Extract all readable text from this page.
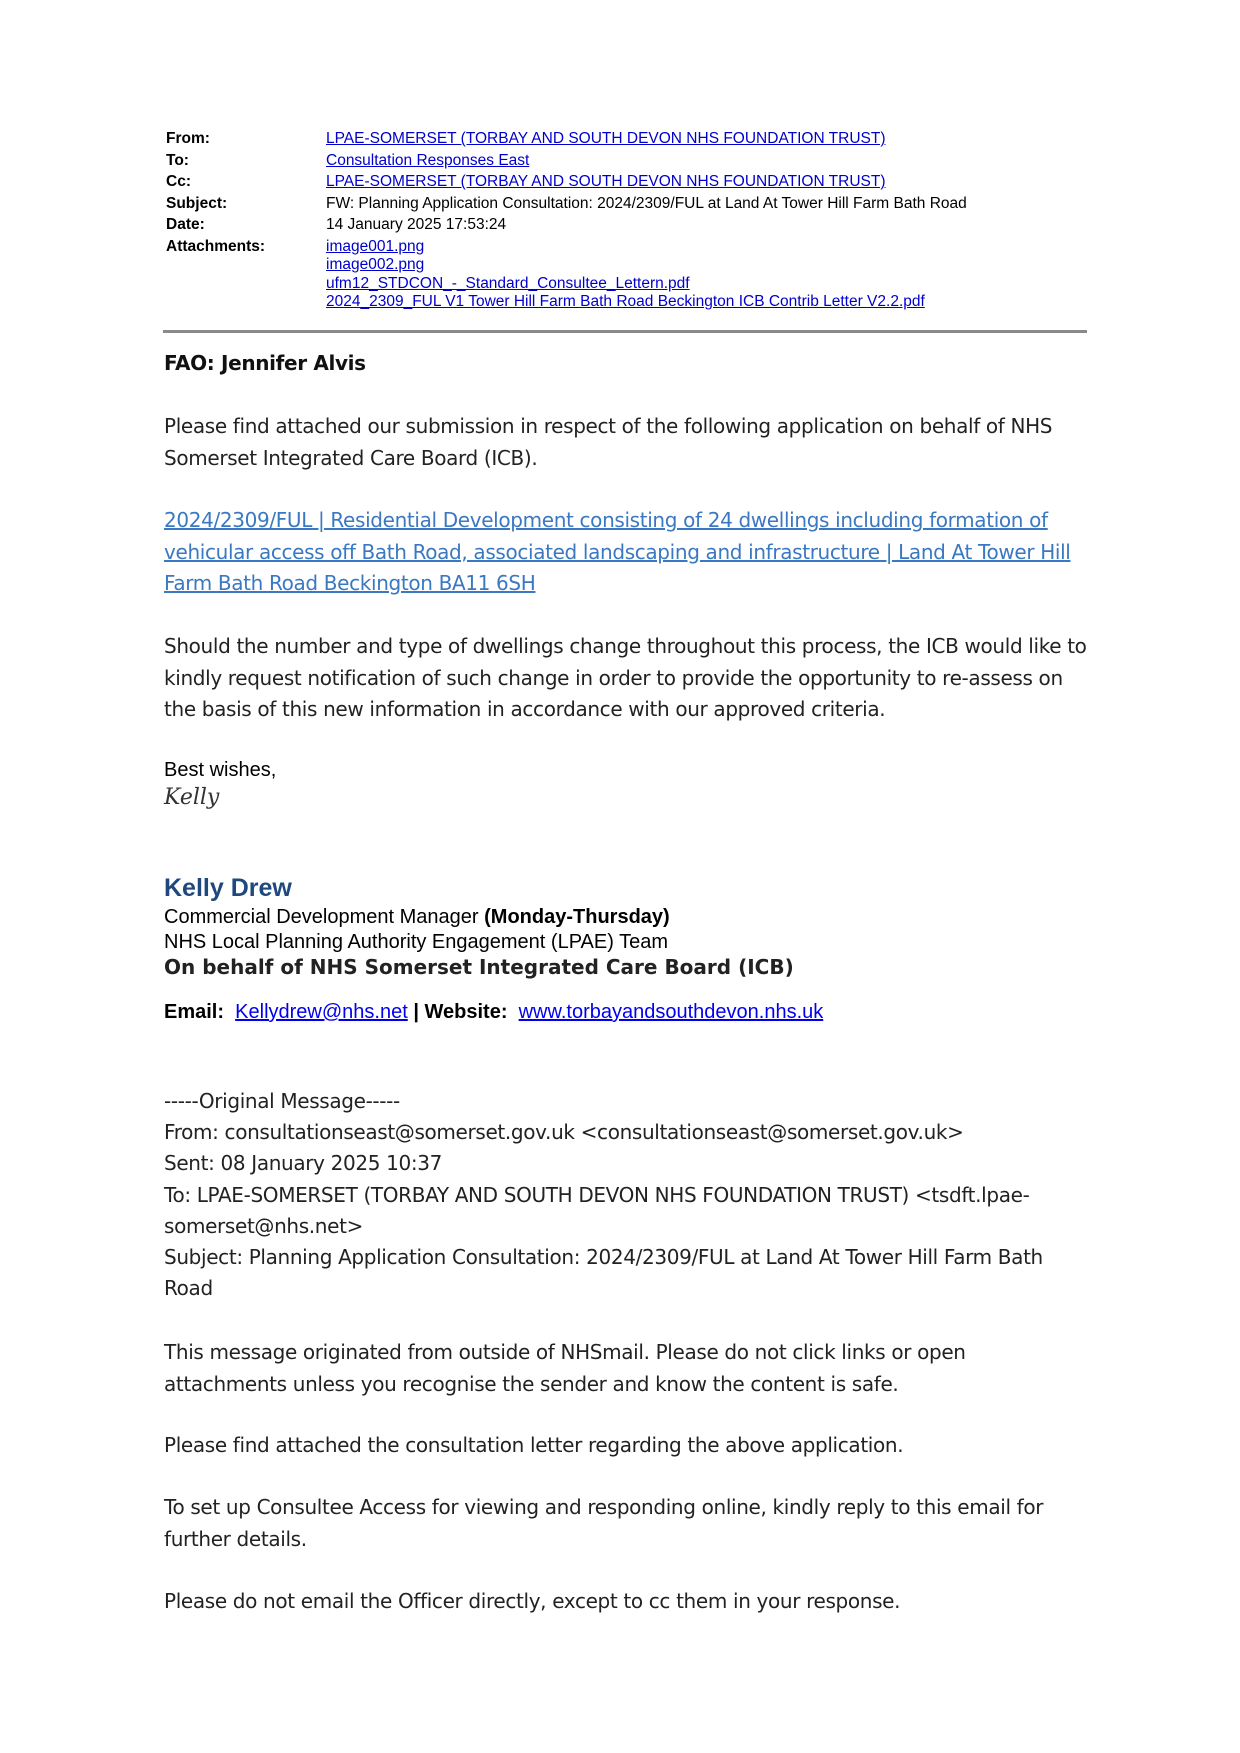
From:	LPAE-SOMERSET (TORBAY AND SOUTH DEVON NHS FOUNDATION TRUST)
To:	Consultation Responses East
Cc:	LPAE-SOMERSET (TORBAY AND SOUTH DEVON NHS FOUNDATION TRUST)
Subject:	FW: Planning Application Consultation: 2024/2309/FUL at Land At Tower Hill Farm Bath Road
Date:	14 January 2025 17:53:24
Attachments:	image001.png
image002.png
ufm12_STDCON_-_Standard_Consultee_Lettern.pdf
2024_2309_FUL V1 Tower Hill Farm Bath Road Beckington ICB Contrib Letter V2.2.pdf
FAO: Jennifer Alvis
Please find attached our submission in respect of the following application on behalf of NHS Somerset Integrated Care Board (ICB).
2024/2309/FUL | Residential Development consisting of 24 dwellings including formation of vehicular access off Bath Road, associated landscaping and infrastructure | Land At Tower Hill Farm Bath Road Beckington BA11 6SH
Should the number and type of dwellings change throughout this process, the ICB would like to kindly request notification of such change in order to provide the opportunity to re-assess on the basis of this new information in accordance with our approved criteria.
Best wishes,
Kelly
Kelly Drew
Commercial Development Manager (Monday-Thursday)
NHS Local Planning Authority Engagement (LPAE) Team
On behalf of NHS Somerset Integrated Care Board (ICB)
Email: Kellydrew@nhs.net | Website: www.torbayandsouthdevon.nhs.uk
-----Original Message-----
From: consultationseast@somerset.gov.uk <consultationseast@somerset.gov.uk>
Sent: 08 January 2025 10:37
To: LPAE-SOMERSET (TORBAY AND SOUTH DEVON NHS FOUNDATION TRUST) <tsdft.lpae-somerset@nhs.net>
Subject: Planning Application Consultation: 2024/2309/FUL at Land At Tower Hill Farm Bath Road
This message originated from outside of NHSmail. Please do not click links or open attachments unless you recognise the sender and know the content is safe.
Please find attached the consultation letter regarding the above application.
To set up Consultee Access for viewing and responding online, kindly reply to this email for further details.
Please do not email the Officer directly, except to cc them in your response.
